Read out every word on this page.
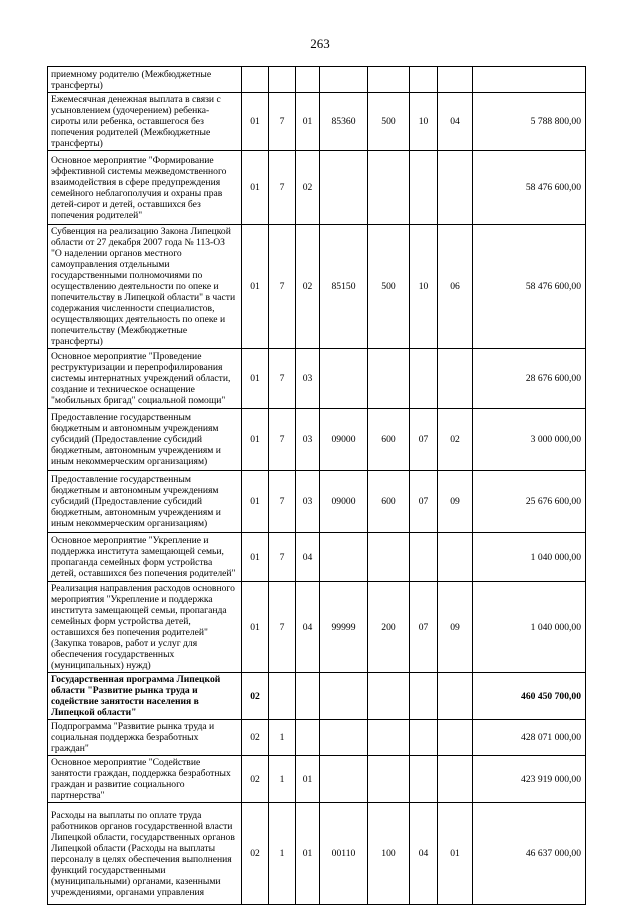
263
приемному родителю (Межбюджетные трансферты)								
Ежемесячная денежная выплата в связи с усыновлением (удочерением) ребенка-сироты или ребенка, оставшегося без попечения родителей (Межбюджетные трансферты)	01	7	01	85360	500	10	04	5 788 800,00
Основное мероприятие "Формирование эффективной системы межведомственного взаимодействия в сфере предупреждения семейного неблагополучия и охраны прав детей-сирот и детей, оставшихся без попечения родителей"	01	7	02					58 476 600,00
Субвенция на реализацию Закона Липецкой области от 27 декабря 2007 года № 113-ОЗ "О наделении органов местного самоуправления отдельными государственными полномочиями по осуществлению деятельности по опеке и попечительству в Липецкой области" в части содержания численности специалистов, осуществляющих деятельность по опеке и попечительству (Межбюджетные трансферты)	01	7	02	85150	500	10	06	58 476 600,00
Основное мероприятие "Проведение реструктуризации и перепрофилирования системы интернатных учреждений области, создание и техническое оснащение "мобильных бригад" социальной помощи"	01	7	03					28 676 600,00
Предоставление государственным бюджетным и автономным учреждениям субсидий (Предоставление субсидий бюджетным, автономным учреждениям и иным некоммерческим организациям)	01	7	03	09000	600	07	02	3 000 000,00
Предоставление государственным бюджетным и автономным учреждениям субсидий (Предоставление субсидий бюджетным, автономным учреждениям и иным некоммерческим организациям)	01	7	03	09000	600	07	09	25 676 600,00
Основное мероприятие "Укрепление и поддержка института замещающей семьи, пропаганда семейных форм устройства детей, оставшихся без попечения родителей"	01	7	04					1 040 000,00
Реализация направления расходов основного мероприятия "Укрепление и поддержка института замещающей семьи, пропаганда семейных форм устройства детей, оставшихся без попечения родителей" (Закупка товаров, работ и услуг для обеспечения государственных (муниципальных) нужд)	01	7	04	99999	200	07	09	1 040 000,00
Государственная программа Липецкой области "Развитие рынка труда и содействие занятости населения в Липецкой области"	02							460 450 700,00
Подпрограмма "Развитие рынка труда и социальная поддержка безработных граждан"	02	1						428 071 000,00
Основное мероприятие "Содействие занятости граждан, поддержка безработных граждан и развитие социального партнерства"	02	1	01					423 919 000,00
Расходы на выплаты по оплате труда работников органов государственной власти Липецкой области, государственных органов Липецкой области (Расходы на выплаты персоналу в целях обеспечения выполнения функций государственными (муниципальными) органами, казенными учреждениями, органами управления	02	1	01	00110	100	04	01	46 637 000,00
